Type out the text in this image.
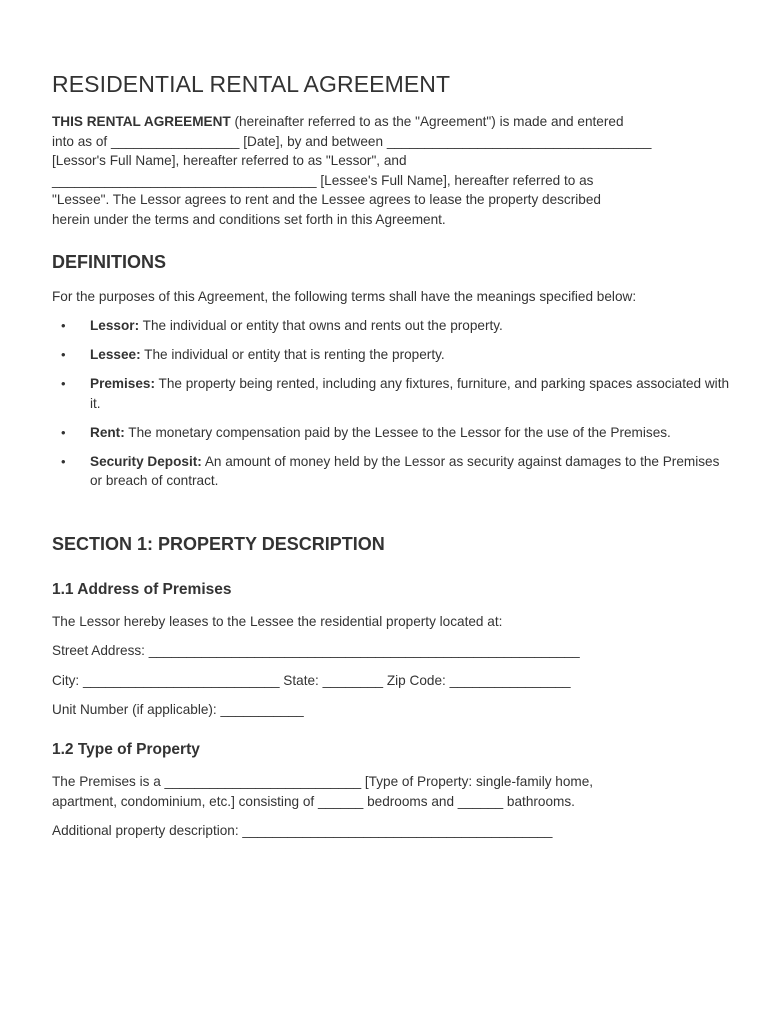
RESIDENTIAL RENTAL AGREEMENT
THIS RENTAL AGREEMENT (hereinafter referred to as the "Agreement") is made and entered
into as of _________________ [Date], by and between ___________________________________
[Lessor's Full Name], hereafter referred to as "Lessor", and
___________________________________ [Lessee's Full Name], hereafter referred to as
"Lessee". The Lessor agrees to rent and the Lessee agrees to lease the property described
herein under the terms and conditions set forth in this Agreement.
DEFINITIONS

For the purposes of this Agreement, the following terms shall have the meanings specified below:

• Lessor: The individual or entity that owns and rents out the property.
• Lessee: The individual or entity that is renting the property.
• Premises: The property being rented, including any fixtures, furniture, and parking spaces associated with it.
• Rent: The monetary compensation paid by the Lessee to the Lessor for the use of the Premises.
• Security Deposit: An amount of money held by the Lessor as security against damages to the Premises or breach of contract.
SECTION 1: PROPERTY DESCRIPTION
1.1 Address of Premises

The Lessor hereby leases to the Lessee the residential property located at:

Street Address: _________________________________________________________

City: __________________________ State: ________ Zip Code: ________________

Unit Number (if applicable): ___________

1.2 Type of Property

The Premises is a __________________________ [Type of Property: single-family home,

apartment, condominium, etc.] consisting of ______ bedrooms and ______ bathrooms.

Additional property description: _________________________________________
